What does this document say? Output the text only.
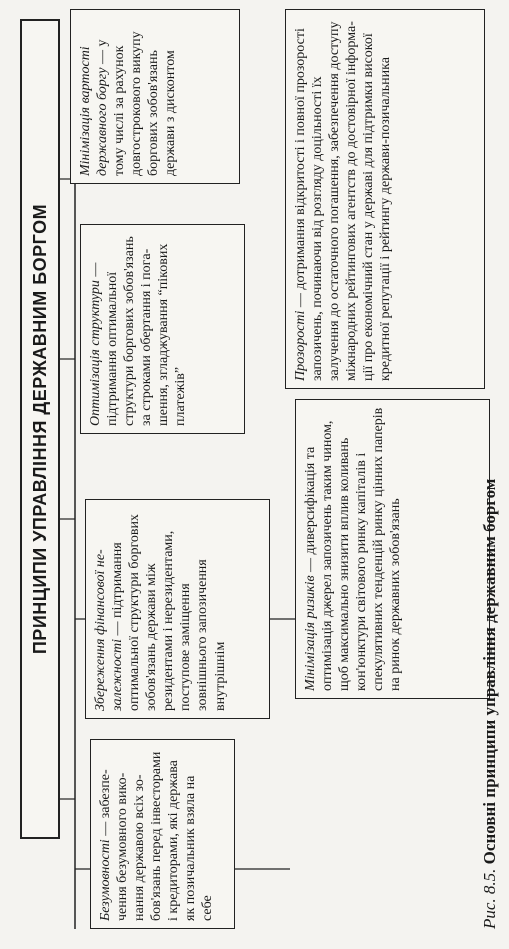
ПРИНЦИПИ УПРАВЛІННЯ ДЕРЖАВНИМ БОРГОМ
Безумовності — забезпечення безумовного виконання державою всіх зобов'язань перед інвесторами і кредиторами, які держава як позичальник взяла на себе
Мінімізація ризиків — диверсифікація та оптимізація джерел запозичень таким чином, щоб максимально знизити вплив коливань кон'юнктури світового ринку капіталів і спекулятивних тенденцій ринку цінних паперів на ринок державних зобов'язань
Збереження фінансової незалежності — підтримання оптимальної структури боргових зобов'язань держави між резидентами і нерезидентами, поступове заміщення зовнішнього запозичення внутрішнім
Прозорості — дотримання відкритості і повної прозорості запозичень, починаючи від розгляду доцільності їх залучення до остаточного погашення, забезпечення доступу міжнародних рейтингових агентств до достовірної інформації про економічний стан у державі для підтримки високої кредитної репутації і рейтингу держави-позичальника
Оптимізація структури — підтримання оптимальної структури боргових зобов'язань за строками обертання і погашення, згладжування “пікових платежів”
Мінімізація вартості державного боргу — у тому числі за рахунок довгострокового викупу боргових зобов'язань держави з дисконтом
Рис. 8.5. Основні принципи управління державним боргом
